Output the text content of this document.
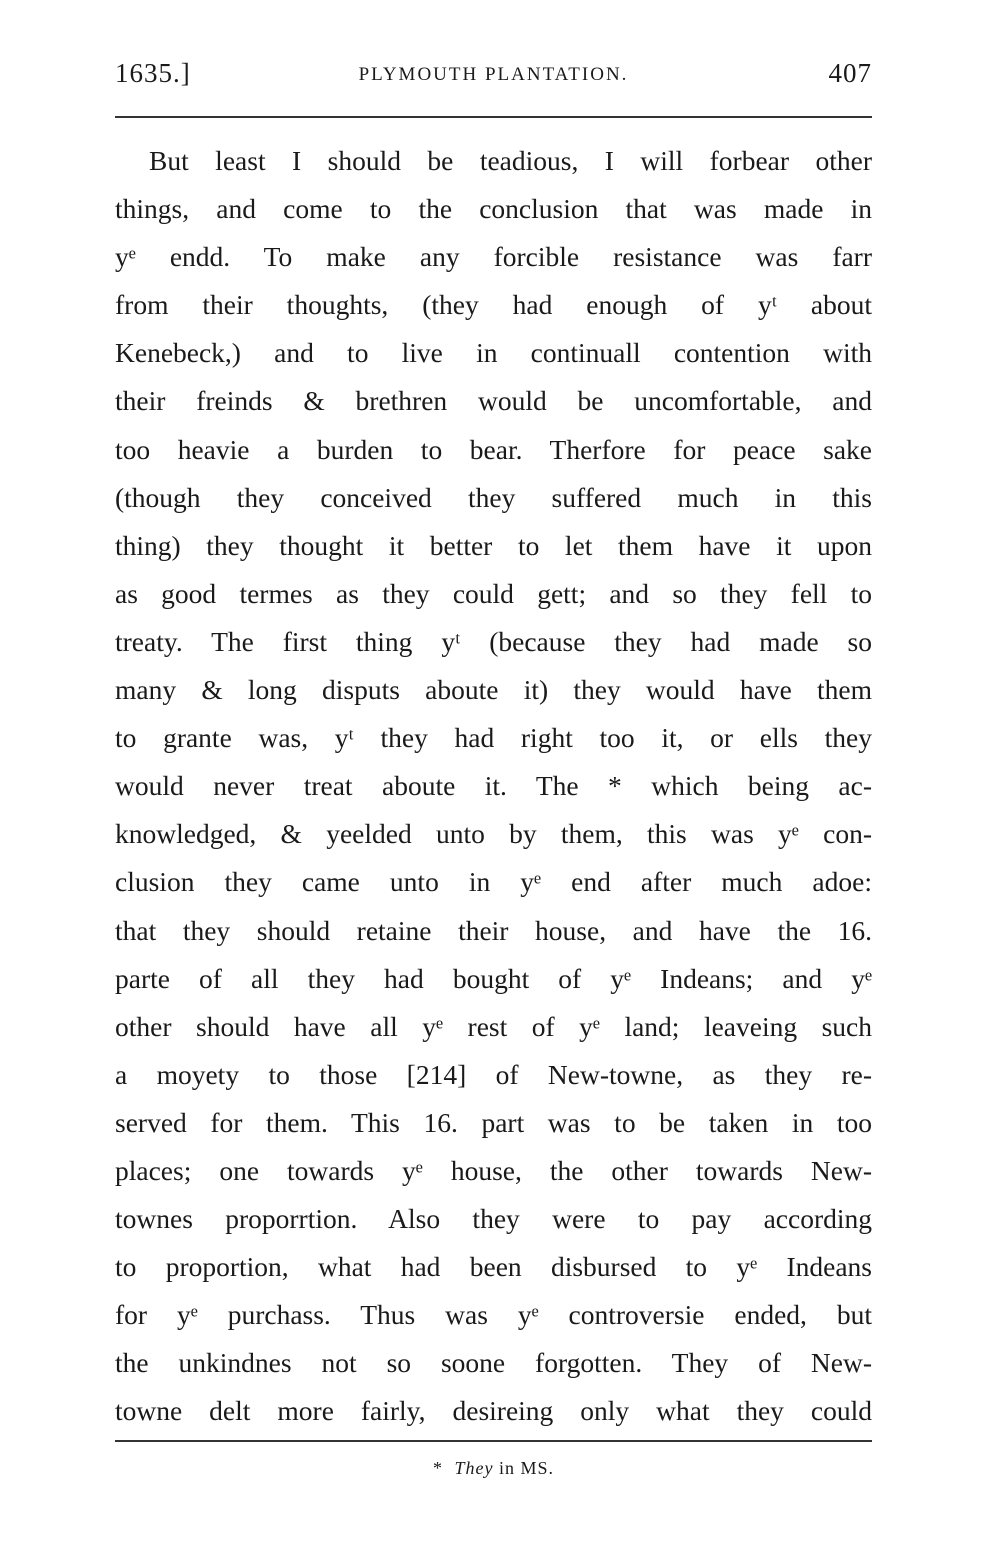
1635.]	PLYMOUTH PLANTATION.	407
But least I should be teadious, I will forbear other
things, and come to the conclusion that was made in
yᵉ endd. To make any forcible resistance was farr
from their thoughts, (they had enough of yᵗ about
Kenebeck,) and to live in continuall contention with
their freinds & brethren would be uncomfortable, and
too heavie a burden to bear. Therfore for peace sake
(though they conceived they suffered much in this
thing) they thought it better to let them have it upon
as good termes as they could gett; and so they fell to
treaty. The first thing yᵗ (because they had made so
many & long disputs aboute it) they would have them
to grante was, yᵗ they had right too it, or ells they
would never treat aboute it. The * which being ac-
knowledged, & yeelded unto by them, this was yᵉ con-
clusion they came unto in yᵉ end after much adoe:
that they should retaine their house, and have the 16.
parte of all they had bought of yᵉ Indeans; and yᵉ
other should have all yᵉ rest of yᵉ land; leaveing such
a moyety to those [214] of New-towne, as they re-
served for them. This 16. part was to be taken in too
places; one towards yᵉ house, the other towards New-
townes proporrtion. Also they were to pay according
to proportion, what had been disbursed to yᵉ Indeans
for yᵉ purchass. Thus was yᵉ controversie ended, but
the unkindnes not so soone forgotten. They of New-
towne delt more fairly, desireing only what they could
* They in MS.
